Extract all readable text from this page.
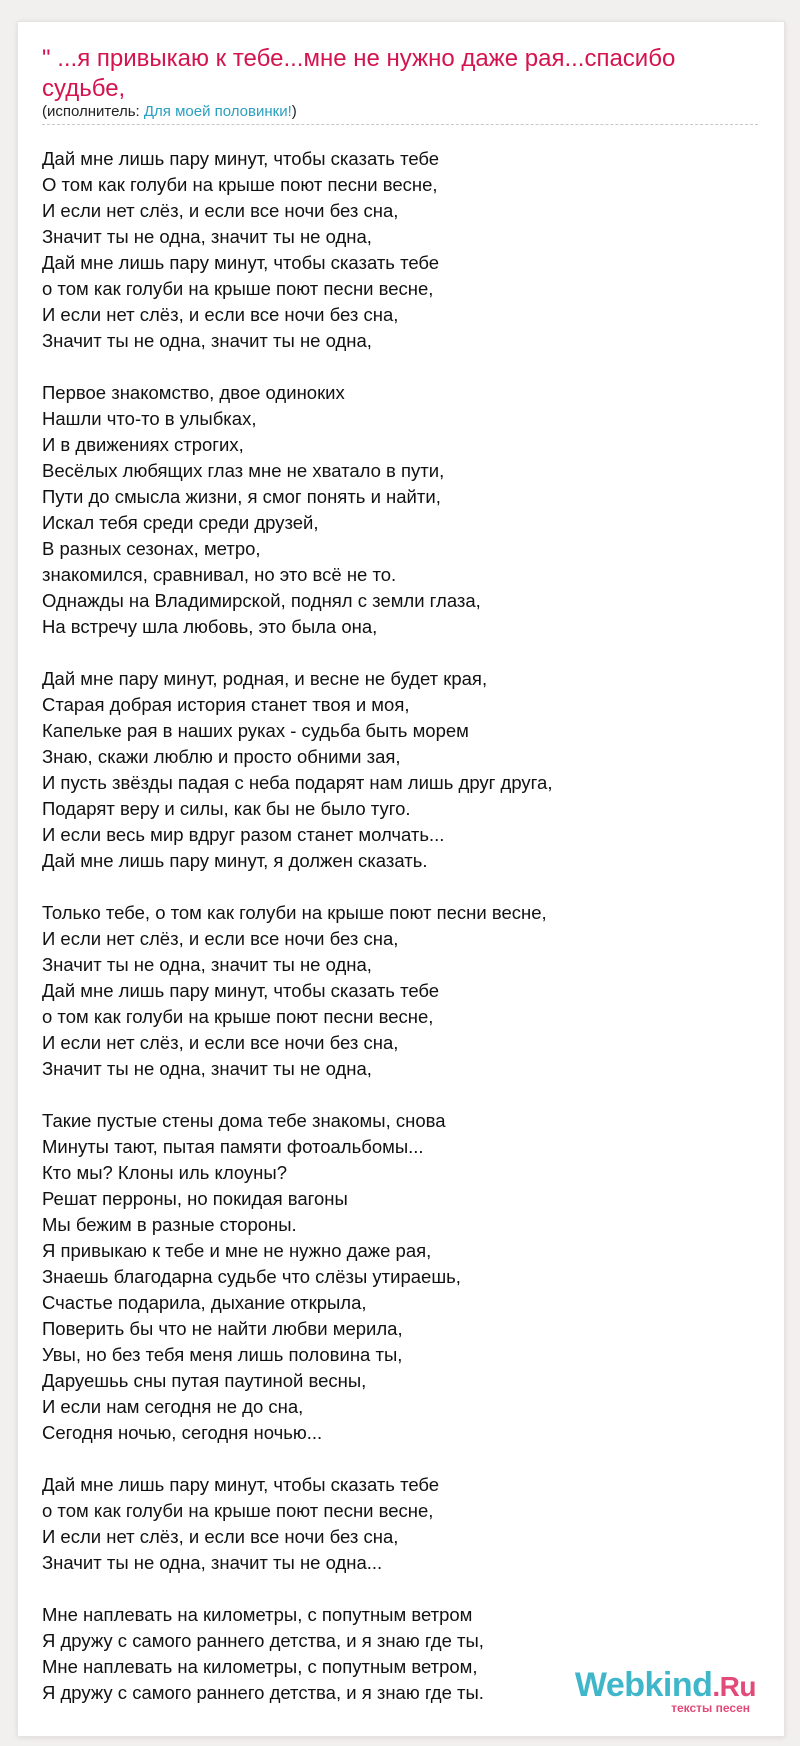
" ...я привыкаю к тебе...мне не нужно даже рая...спасибо судьбе,
(исполнитель: Для моей половинки!)
Дай мне лишь пару минут, чтобы сказать тебе
О том как голуби на крыше поют песни весне,
И если нет слёз, и если все ночи без сна,
Значит ты не одна, значит ты не одна,
Дай мне лишь пару минут, чтобы сказать тебе
о том как голуби на крыше поют песни весне,
И если нет слёз, и если все ночи без сна,
Значит ты не одна, значит ты не одна,
Первое знакомство, двое одиноких
Нашли что-то в улыбках,
И в движениях строгих,
Весёлых любящих глаз мне не хватало в пути,
Пути до смысла жизни, я смог понять и найти,
Искал тебя среди среди друзей,
В разных сезонах, метро,
знакомился, сравнивал, но это всё не то.
Однажды на Владимирской, поднял с земли глаза,
На встречу шла любовь, это была она,
Дай мне пару минут, родная, и весне не будет края,
Старая добрая история станет твоя и моя,
Капельке рая в наших руках - судьба быть морем
Знаю, скажи люблю и просто обними зая,
И пусть звёзды падая с неба подарят нам лишь друг друга,
Подарят веру и силы, как бы не было туго.
И если весь мир вдруг разом станет молчать...
Дай мне лишь пару минут, я должен сказать.
Только тебе, о том как голуби на крыше поют песни весне,
И если нет слёз, и если все ночи без сна,
Значит ты не одна, значит ты не одна,
Дай мне лишь пару минут, чтобы сказать тебе
о том как голуби на крыше поют песни весне,
И если нет слёз, и если все ночи без сна,
Значит ты не одна, значит ты не одна,
Такие пустые стены дома тебе знакомы, снова
Минуты тают, пытая памяти фотоальбомы...
Кто мы? Клоны иль клоуны?
Решат перроны, но покидая вагоны
Мы бежим в разные стороны.
Я привыкаю к тебе и мне не нужно даже рая,
Знаешь благодарна судьбе что слёзы утираешь,
Счастье подарила, дыхание открыла,
Поверить бы что не найти любви мерила,
Увы, но без тебя меня лишь половина ты,
Даруешьь сны путая паутиной весны,
И если нам сегодня не до сна,
Сегодня ночью, сегодня ночью...
Дай мне лишь пару минут, чтобы сказать тебе
о том как голуби на крыше поют песни весне,
И если нет слёз, и если все ночи без сна,
Значит ты не одна, значит ты не одна...
Мне наплевать на километры, с попутным ветром
Я дружу с самого раннего детства, и я знаю где ты,
Мне наплевать на километры, с попутным ветром,
Я дружу с самого раннего детства, и я знаю где ты.	Webkind.Ru
тексты песен
